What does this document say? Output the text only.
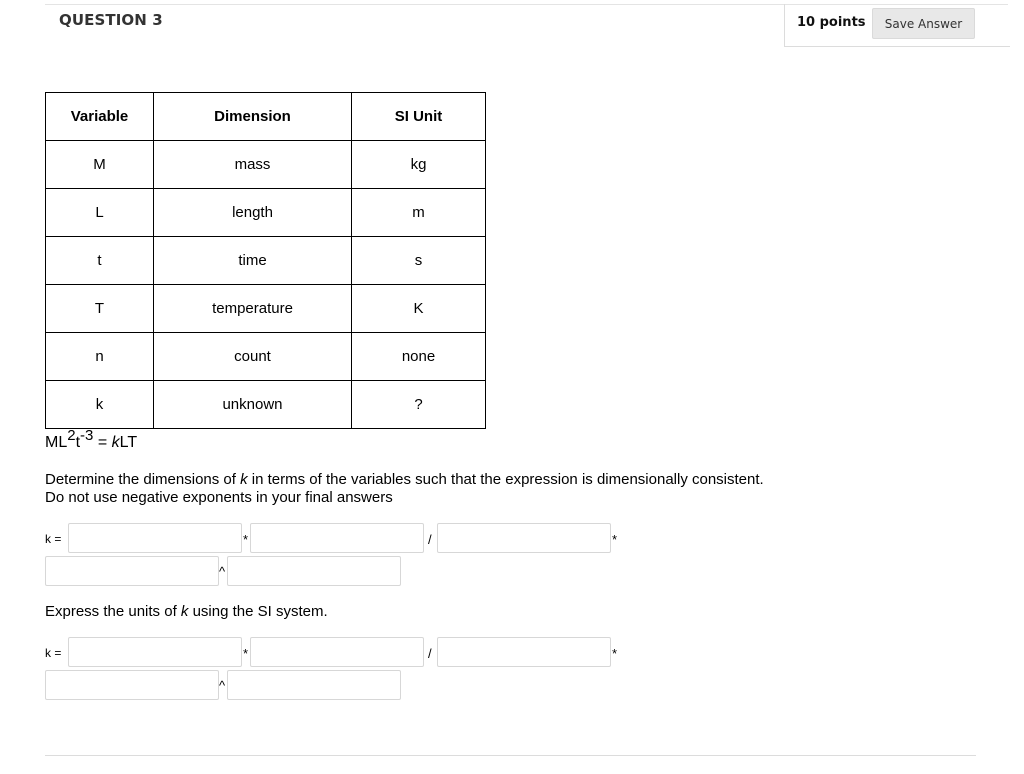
QUESTION 3	10 points	Save Answer
Variable	Dimension	SI Unit
M	mass	kg
L	length	m
t	time	s
T	temperature	K
n	count	none
k	unknown	?
$ML^2t^{-3}$ = kLT
Determine the dimensions of k in terms of the variables such that the expression is dimensionally consistent. Do not use negative exponents in your final answers
k =	*	/	*
^
Express the units of k using the SI system.
k =	*	/	*
^
